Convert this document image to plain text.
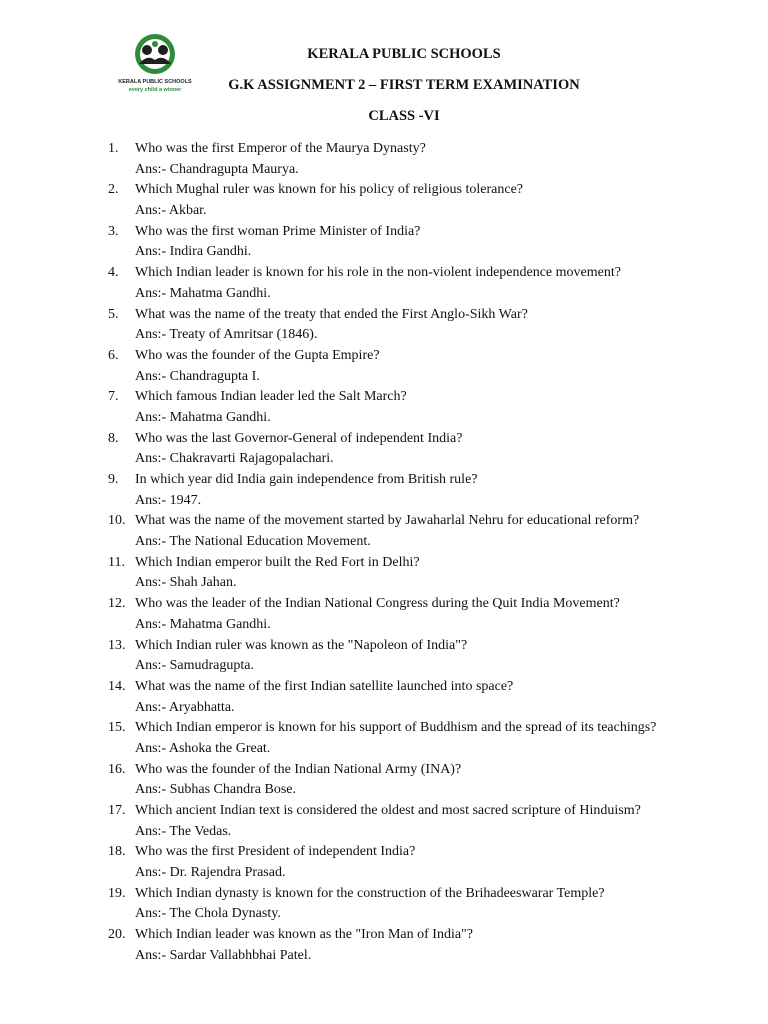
KERALA PUBLIC SCHOOLS
every child a winner
KERALA PUBLIC SCHOOLS
G.K ASSIGNMENT 2 – FIRST TERM EXAMINATION
CLASS -VI
1. Who was the first Emperor of the Maurya Dynasty?
Ans:- Chandragupta Maurya.
2. Which Mughal ruler was known for his policy of religious tolerance?
Ans:- Akbar.
3. Who was the first woman Prime Minister of India?
Ans:- Indira Gandhi.
4. Which Indian leader is known for his role in the non-violent independence movement?
Ans:- Mahatma Gandhi.
5. What was the name of the treaty that ended the First Anglo-Sikh War?
Ans:- Treaty of Amritsar (1846).
6. Who was the founder of the Gupta Empire?
Ans:- Chandragupta I.
7. Which famous Indian leader led the Salt March?
Ans:- Mahatma Gandhi.
8. Who was the last Governor-General of independent India?
Ans:- Chakravarti Rajagopalachari.
9. In which year did India gain independence from British rule?
Ans:- 1947.
10. What was the name of the movement started by Jawaharlal Nehru for educational reform?
Ans:- The National Education Movement.
11. Which Indian emperor built the Red Fort in Delhi?
Ans:- Shah Jahan.
12. Who was the leader of the Indian National Congress during the Quit India Movement?
Ans:- Mahatma Gandhi.
13. Which Indian ruler was known as the "Napoleon of India"?
Ans:- Samudragupta.
14. What was the name of the first Indian satellite launched into space?
Ans:- Aryabhatta.
15. Which Indian emperor is known for his support of Buddhism and the spread of its teachings?
Ans:- Ashoka the Great.
16. Who was the founder of the Indian National Army (INA)?
Ans:- Subhas Chandra Bose.
17. Which ancient Indian text is considered the oldest and most sacred scripture of Hinduism?
Ans:- The Vedas.
18. Who was the first President of independent India?
Ans:- Dr. Rajendra Prasad.
19. Which Indian dynasty is known for the construction of the Brihadeeswarar Temple?
Ans:- The Chola Dynasty.
20. Which Indian leader was known as the "Iron Man of India"?
Ans:- Sardar Vallabhbhai Patel.
